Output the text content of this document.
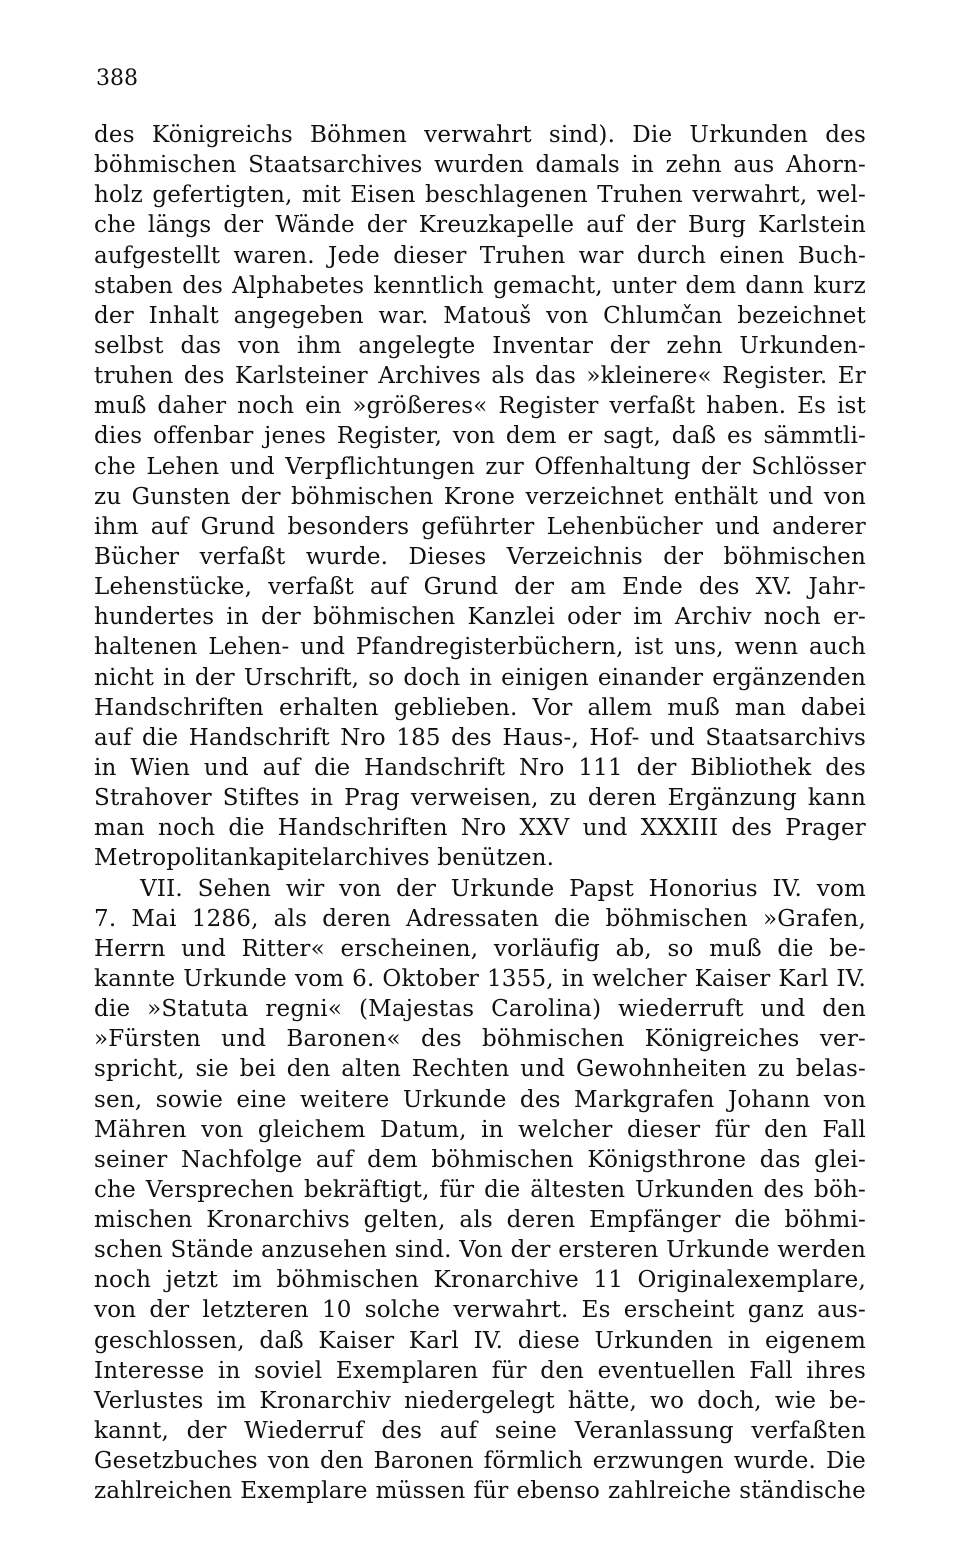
388
des Königreichs Böhmen verwahrt sind). Die Urkunden des
böhmischen Staatsarchives wurden damals in zehn aus Ahorn-
holz gefertigten, mit Eisen beschlagenen Truhen verwahrt, wel-
che längs der Wände der Kreuzkapelle auf der Burg Karlstein
aufgestellt waren. Jede dieser Truhen war durch einen Buch-
staben des Alphabetes kenntlich gemacht, unter dem dann kurz
der Inhalt angegeben war. Matouš von Chlumčan bezeichnet
selbst das von ihm angelegte Inventar der zehn Urkunden-
truhen des Karlsteiner Archives als das »kleinere« Register. Er
muß daher noch ein »größeres« Register verfaßt haben. Es ist
dies offenbar jenes Register, von dem er sagt, daß es sämmtli-
che Lehen und Verpflichtungen zur Offenhaltung der Schlösser
zu Gunsten der böhmischen Krone verzeichnet enthält und von
ihm auf Grund besonders geführter Lehenbücher und anderer
Bücher verfaßt wurde. Dieses Verzeichnis der böhmischen
Lehenstücke, verfaßt auf Grund der am Ende des XV. Jahr-
hundertes in der böhmischen Kanzlei oder im Archiv noch er-
haltenen Lehen- und Pfandregisterbüchern, ist uns, wenn auch
nicht in der Urschrift, so doch in einigen einander ergänzenden
Handschriften erhalten geblieben. Vor allem muß man dabei
auf die Handschrift Nro 185 des Haus-, Hof- und Staatsarchivs
in Wien und auf die Handschrift Nro 111 der Bibliothek des
Strahover Stiftes in Prag verweisen, zu deren Ergänzung kann
man noch die Handschriften Nro XXV und XXXIII des Prager
Metropolitankapitelarchives benützen.
VII. Sehen wir von der Urkunde Papst Honorius IV. vom
7. Mai 1286, als deren Adressaten die böhmischen »Grafen,
Herrn und Ritter« erscheinen, vorläufig ab, so muß die be-
kannte Urkunde vom 6. Oktober 1355, in welcher Kaiser Karl IV.
die »Statuta regni« (Majestas Carolina) wiederruft und den
»Fürsten und Baronen« des böhmischen Königreiches ver-
spricht, sie bei den alten Rechten und Gewohnheiten zu belas-
sen, sowie eine weitere Urkunde des Markgrafen Johann von
Mähren von gleichem Datum, in welcher dieser für den Fall
seiner Nachfolge auf dem böhmischen Königsthrone das glei-
che Versprechen bekräftigt, für die ältesten Urkunden des böh-
mischen Kronarchivs gelten, als deren Empfänger die böhmi-
schen Stände anzusehen sind. Von der ersteren Urkunde werden
noch jetzt im böhmischen Kronarchive 11 Originalexemplare,
von der letzteren 10 solche verwahrt. Es erscheint ganz aus-
geschlossen, daß Kaiser Karl IV. diese Urkunden in eigenem
Interesse in soviel Exemplaren für den eventuellen Fall ihres
Verlustes im Kronarchiv niedergelegt hätte, wo doch, wie be-
kannt, der Wiederruf des auf seine Veranlassung verfaßten
Gesetzbuches von den Baronen förmlich erzwungen wurde. Die
zahlreichen Exemplare müssen für ebenso zahlreiche ständische
